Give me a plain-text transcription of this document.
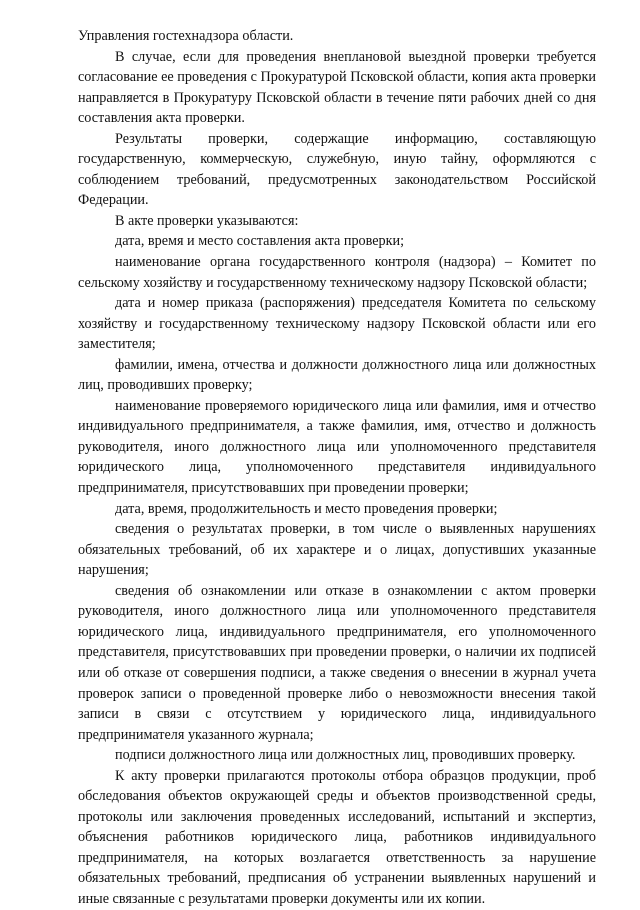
Управления гостехнадзора области.

В случае, если для проведения внеплановой выездной проверки требуется согласование ее проведения с Прокуратурой Псковской области, копия акта проверки направляется в Прокуратуру Псковской области в течение пяти рабочих дней со дня составления акта проверки.

Результаты проверки, содержащие информацию, составляющую государственную, коммерческую, служебную, иную тайну, оформляются с соблюдением требований, предусмотренных законодательством Российской Федерации.

В акте проверки указываются:

дата, время и место составления акта проверки;

наименование органа государственного контроля (надзора) – Комитет по сельскому хозяйству и государственному техническому надзору Псковской области;

дата и номер приказа (распоряжения) председателя Комитета по сельскому хозяйству и государственному техническому надзору Псковской области или его заместителя;

фамилии, имена, отчества и должности должностного лица или должностных лиц, проводивших проверку;

наименование проверяемого юридического лица или фамилия, имя и отчество индивидуального предпринимателя, а также фамилия, имя, отчество и должность руководителя, иного должностного лица или уполномоченного представителя юридического лица, уполномоченного представителя индивидуального предпринимателя, присутствовавших при проведении проверки;

дата, время, продолжительность и место проведения проверки;

сведения о результатах проверки, в том числе о выявленных нарушениях обязательных требований, об их характере и о лицах, допустивших указанные нарушения;

сведения об ознакомлении или отказе в ознакомлении с актом проверки руководителя, иного должностного лица или уполномоченного представителя юридического лица, индивидуального предпринимателя, его уполномоченного представителя, присутствовавших при проведении проверки, о наличии их подписей или об отказе от совершения подписи, а также сведения о внесении в журнал учета проверок записи о проведенной проверке либо о невозможности внесения такой записи в связи с отсутствием у юридического лица, индивидуального предпринимателя указанного журнала;

подписи должностного лица или должностных лиц, проводивших проверку.

К акту проверки прилагаются протоколы отбора образцов продукции, проб обследования объектов окружающей среды и объектов производственной среды, протоколы или заключения проведенных исследований, испытаний и экспертиз, объяснения работников юридического лица, работников индивидуального предпринимателя, на которых возлагается ответственность за нарушение обязательных требований, предписания об устранении выявленных нарушений и иные связанные с результатами проверки документы или их копии.
